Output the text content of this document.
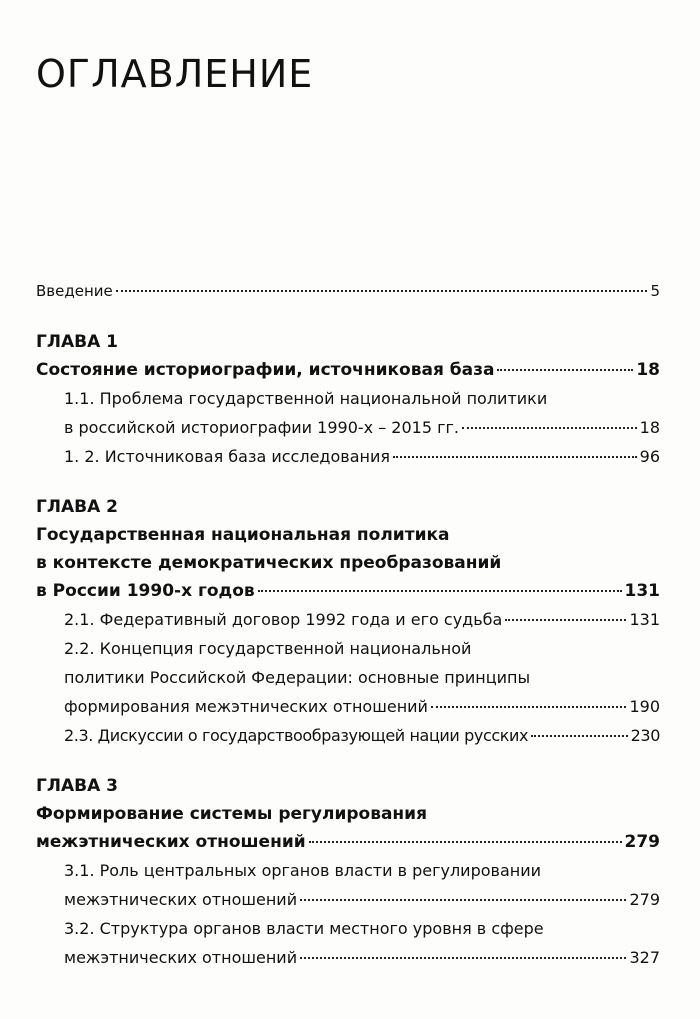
ОГЛАВЛЕНИЕ
Введение	5
ГЛАВА 1
Состояние историографии, источниковая база	18
1.1. Проблема государственной национальной политики
в российской историографии 1990-х – 2015 гг.	18
1. 2. Источниковая база исследования	96
ГЛАВА 2
Государственная национальная политика
в контексте демократических преобразований
в России 1990-х годов	131
2.1. Федеративный договор 1992 года и его судьба	131
2.2. Концепция государственной национальной
политики Российской Федерации: основные принципы
формирования межэтнических отношений	190
2.3. Дискуссии о государствообразующей нации русских	230
ГЛАВА 3
Формирование системы регулирования
межэтнических отношений	279
3.1. Роль центральных органов власти в регулировании
межэтнических отношений	279
3.2. Структура органов власти местного уровня в сфере
межэтнических отношений	327
